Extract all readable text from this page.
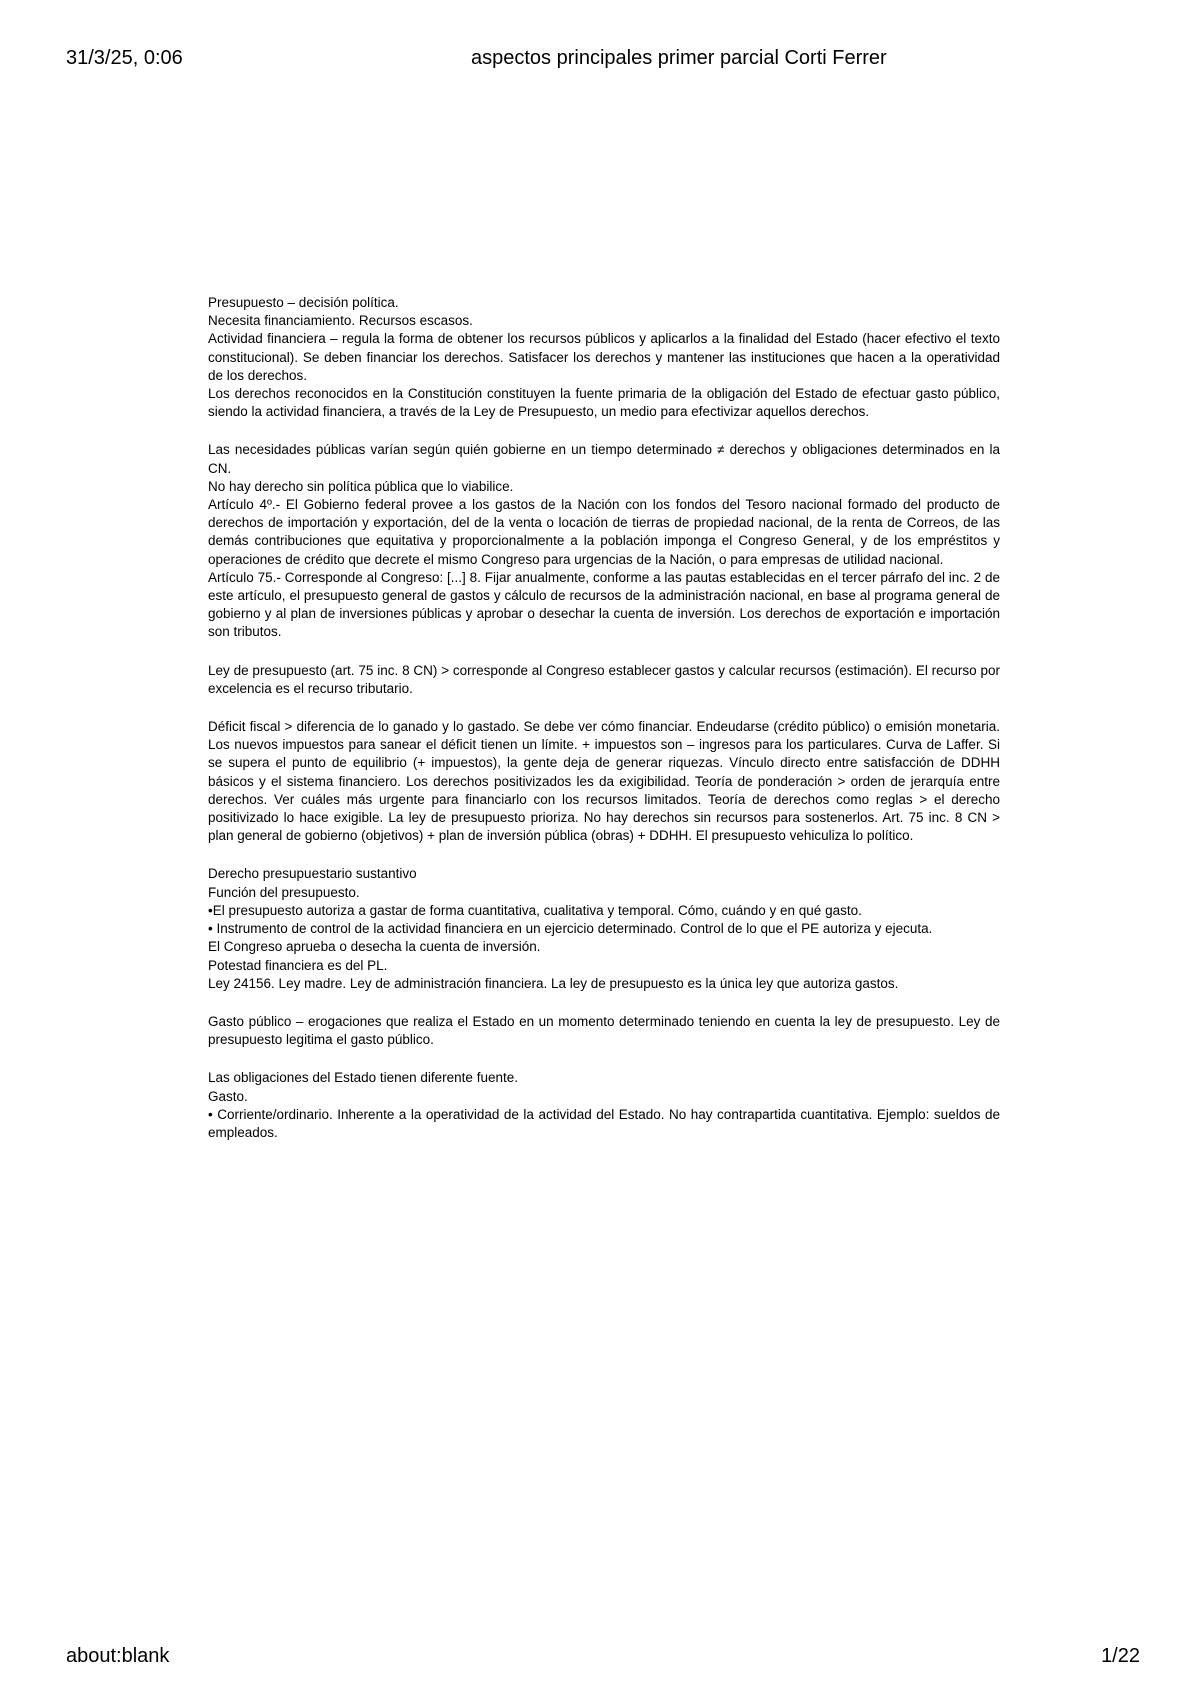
31/3/25, 0:06	aspectos principales primer parcial Corti Ferrer

Presupuesto – decisión política.

Necesita financiamiento. Recursos escasos.

Actividad financiera – regula la forma de obtener los recursos públicos y aplicarlos a la finalidad del Estado (hacer efectivo el texto constitucional). Se deben financiar los derechos. Satisfacer los derechos y mantener las instituciones que hacen a la operatividad de los derechos.

Los derechos reconocidos en la Constitución constituyen la fuente primaria de la obligación del Estado de efectuar gasto público, siendo la actividad financiera, a través de la Ley de Presupuesto, un medio para efectivizar aquellos derechos.

Las necesidades públicas varían según quién gobierne en un tiempo determinado ≠ derechos y obligaciones determinados en la CN.

No hay derecho sin política pública que lo viabilice.

Artículo 4º.- El Gobierno federal provee a los gastos de la Nación con los fondos del Tesoro nacional formado del producto de derechos de importación y exportación, del de la venta o locación de tierras de propiedad nacional, de la renta de Correos, de las demás contribuciones que equitativa y proporcionalmente a la población imponga el Congreso General, y de los empréstitos y operaciones de crédito que decrete el mismo Congreso para urgencias de la Nación, o para empresas de utilidad nacional.

Artículo 75.- Corresponde al Congreso: [...] 8. Fijar anualmente, conforme a las pautas establecidas en el tercer párrafo del inc. 2 de este artículo, el presupuesto general de gastos y cálculo de recursos de la administración nacional, en base al programa general de gobierno y al plan de inversiones públicas y aprobar o desechar la cuenta de inversión. Los derechos de exportación e importación son tributos.

Ley de presupuesto (art. 75 inc. 8 CN) > corresponde al Congreso establecer gastos y calcular recursos (estimación). El recurso por excelencia es el recurso tributario.

Déficit fiscal > diferencia de lo ganado y lo gastado. Se debe ver cómo financiar. Endeudarse (crédito público) o emisión monetaria. Los nuevos impuestos para sanear el déficit tienen un límite. + impuestos son – ingresos para los particulares. Curva de Laffer. Si se supera el punto de equilibrio (+ impuestos), la gente deja de generar riquezas. Vínculo directo entre satisfacción de DDHH básicos y el sistema financiero. Los derechos positivizados les da exigibilidad. Teoría de ponderación > orden de jerarquía entre derechos. Ver cuáles más urgente para financiarlo con los recursos limitados. Teoría de derechos como reglas > el derecho positivizado lo hace exigible. La ley de presupuesto prioriza. No hay derechos sin recursos para sostenerlos. Art. 75 inc. 8 CN > plan general de gobierno (objetivos) + plan de inversión pública (obras) + DDHH. El presupuesto vehiculiza lo político.

Derecho presupuestario sustantivo

Función del presupuesto.

•El presupuesto autoriza a gastar de forma cuantitativa, cualitativa y temporal. Cómo, cuándo y en qué gasto.

• Instrumento de control de la actividad financiera en un ejercicio determinado. Control de lo que el PE autoriza y ejecuta.

El Congreso aprueba o desecha la cuenta de inversión.

Potestad financiera es del PL.

Ley 24156. Ley madre. Ley de administración financiera. La ley de presupuesto es la única ley que autoriza gastos.

Gasto público – erogaciones que realiza el Estado en un momento determinado teniendo en cuenta la ley de presupuesto. Ley de presupuesto legitima el gasto público.

Las obligaciones del Estado tienen diferente fuente.

Gasto.

• Corriente/ordinario. Inherente a la operatividad de la actividad del Estado. No hay contrapartida cuantitativa. Ejemplo: sueldos de empleados.

about:blank	1/22
